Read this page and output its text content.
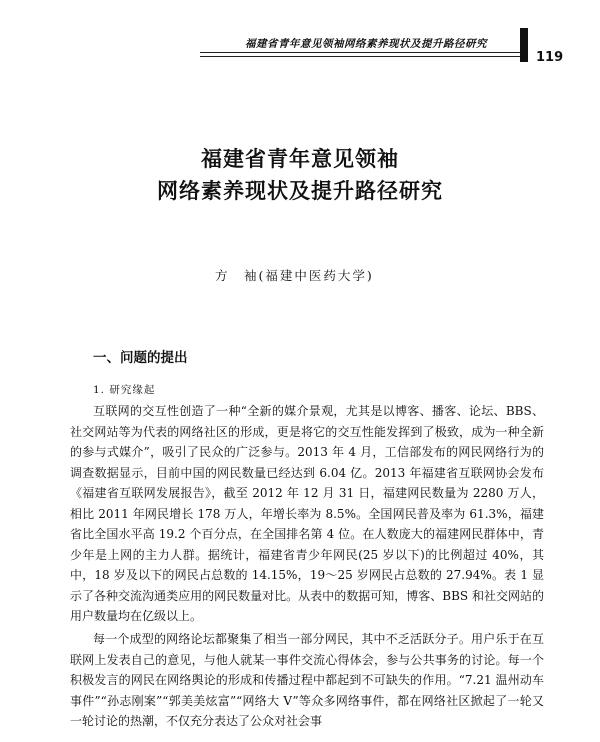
福建省青年意见领袖网络素养现状及提升路径研究
119
福建省青年意见领袖
网络素养现状及提升路径研究
方　袖(福建中医药大学)
一、问题的提出
1. 研究缘起
互联网的交互性创造了一种“全新的媒介景观，尤其是以博客、播客、论坛、BBS、社交网站等为代表的网络社区的形成，更是将它的交互性能发挥到了极致，成为一种全新的参与式媒介”，吸引了民众的广泛参与。2013 年 4 月，工信部发布的网民网络行为的调查数据显示，目前中国的网民数量已经达到 6.04 亿。2013 年福建省互联网协会发布《福建省互联网发展报告》，截至 2012 年 12 月 31 日，福建网民数量为 2280 万人，相比 2011 年网民增长 178 万人，年增长率为 8.5%。全国网民普及率为 61.3%，福建省比全国水平高 19.2 个百分点，在全国排名第 4 位。在人数庞大的福建网民群体中，青少年是上网的主力人群。据统计，福建省青少年网民(25 岁以下)的比例超过 40%，其中，18 岁及以下的网民占总数的 14.15%，19～25 岁网民占总数的 27.94%。表 1 显示了各种交流沟通类应用的网民数量对比。从表中的数据可知，博客、BBS 和社交网站的用户数量均在亿级以上。
每一个成型的网络论坛都聚集了相当一部分网民，其中不乏活跃分子。用户乐于在互联网上发表自己的意见，与他人就某一事件交流心得体会，参与公共事务的讨论。每一个积极发言的网民在网络舆论的形成和传播过程中都起到不可缺失的作用。“7.21 温州动车事件”“孙志刚案”“郭美美炫富”“网络大 V”等众多网络事件，都在网络社区掀起了一轮又一轮讨论的热潮，不仅充分表达了公众对社会事
